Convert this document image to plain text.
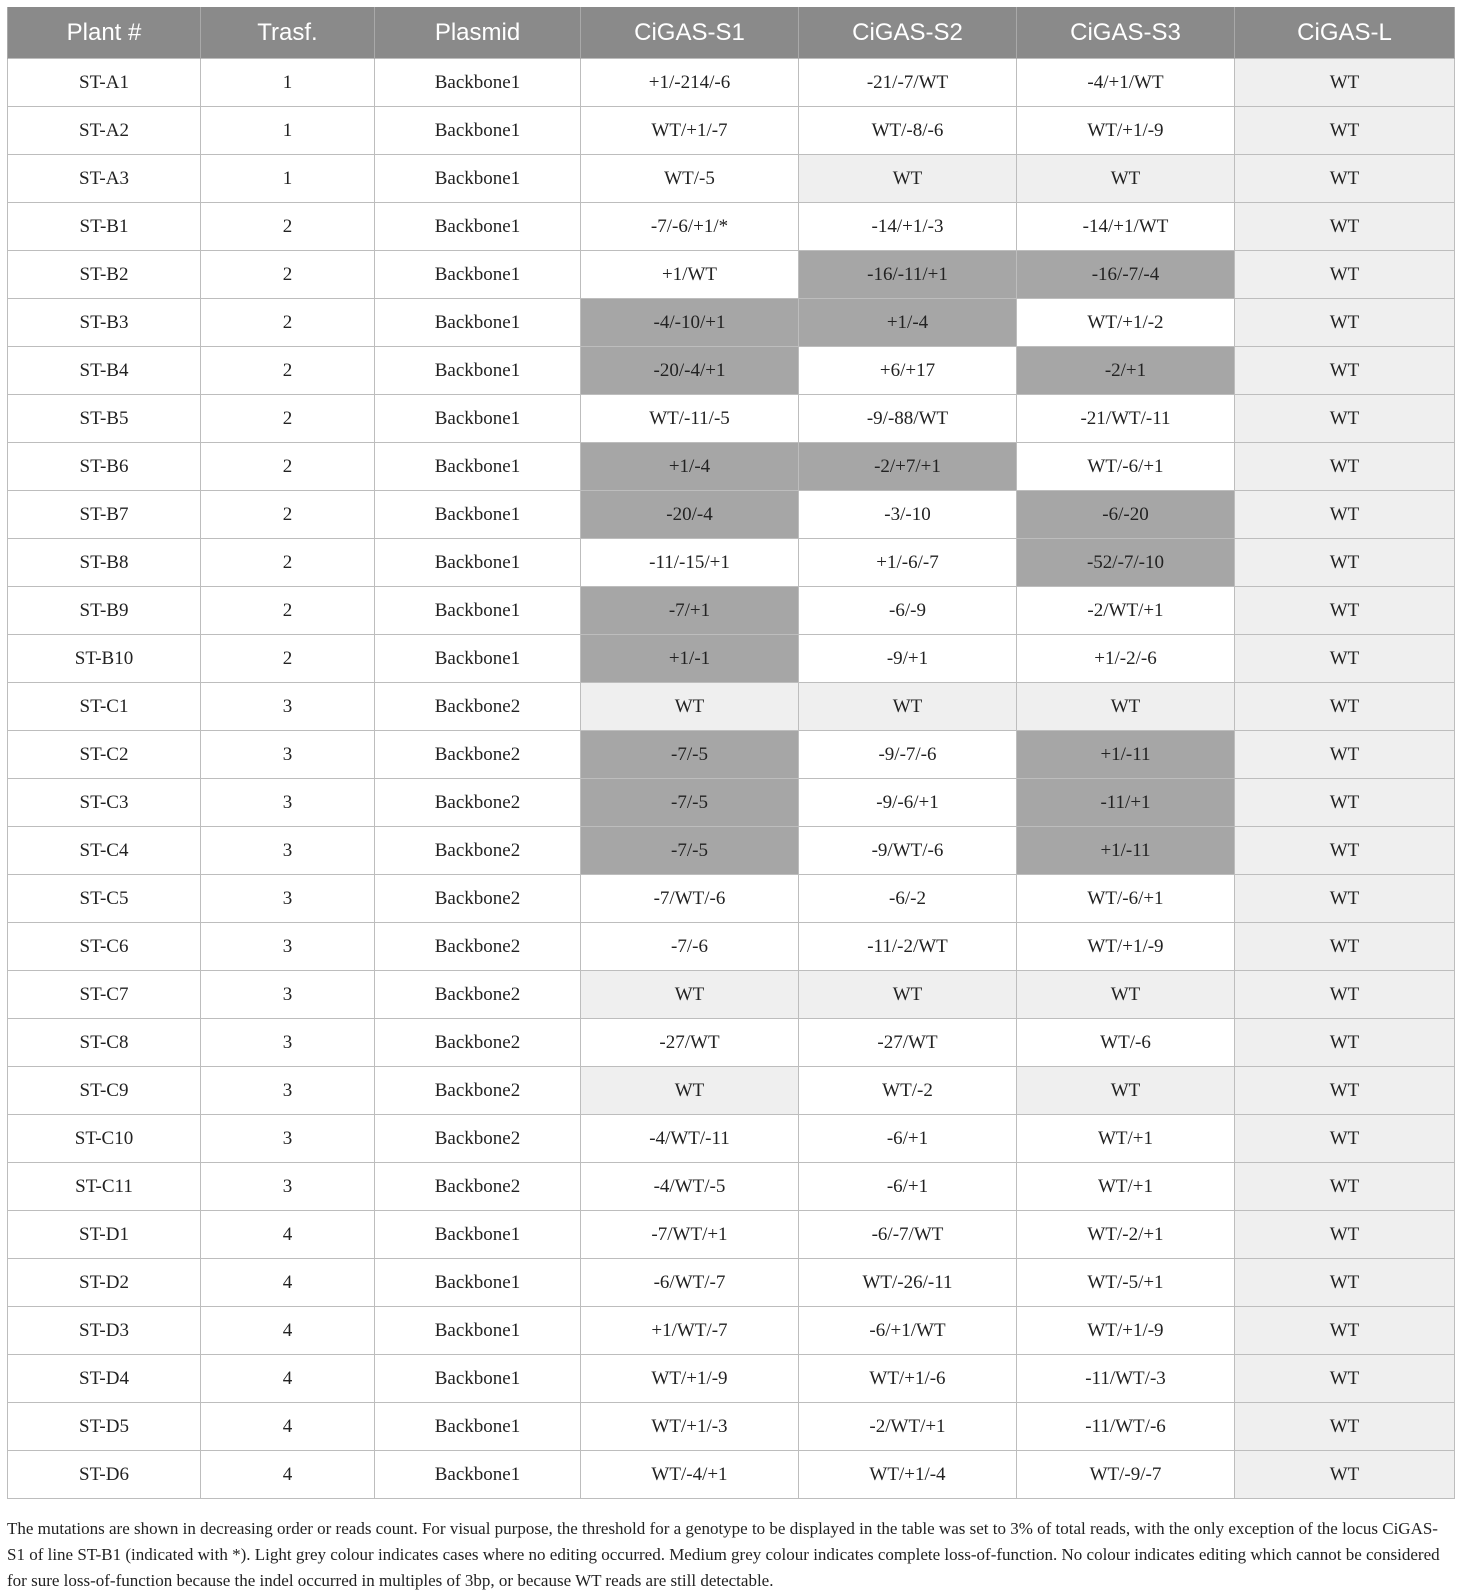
Plant #	Trasf.	Plasmid	CiGAS-S1	CiGAS-S2	CiGAS-S3	CiGAS-L
ST-A1	1	Backbone1	+1/-214/-6	-21/-7/WT	-4/+1/WT	WT
ST-A2	1	Backbone1	WT/+1/-7	WT/-8/-6	WT/+1/-9	WT
ST-A3	1	Backbone1	WT/-5	WT	WT	WT
ST-B1	2	Backbone1	-7/-6/+1/*	-14/+1/-3	-14/+1/WT	WT
ST-B2	2	Backbone1	+1/WT	-16/-11/+1	-16/-7/-4	WT
ST-B3	2	Backbone1	-4/-10/+1	+1/-4	WT/+1/-2	WT
ST-B4	2	Backbone1	-20/-4/+1	+6/+17	-2/+1	WT
ST-B5	2	Backbone1	WT/-11/-5	-9/-88/WT	-21/WT/-11	WT
ST-B6	2	Backbone1	+1/-4	-2/+7/+1	WT/-6/+1	WT
ST-B7	2	Backbone1	-20/-4	-3/-10	-6/-20	WT
ST-B8	2	Backbone1	-11/-15/+1	+1/-6/-7	-52/-7/-10	WT
ST-B9	2	Backbone1	-7/+1	-6/-9	-2/WT/+1	WT
ST-B10	2	Backbone1	+1/-1	-9/+1	+1/-2/-6	WT
ST-C1	3	Backbone2	WT	WT	WT	WT
ST-C2	3	Backbone2	-7/-5	-9/-7/-6	+1/-11	WT
ST-C3	3	Backbone2	-7/-5	-9/-6/+1	-11/+1	WT
ST-C4	3	Backbone2	-7/-5	-9/WT/-6	+1/-11	WT
ST-C5	3	Backbone2	-7/WT/-6	-6/-2	WT/-6/+1	WT
ST-C6	3	Backbone2	-7/-6	-11/-2/WT	WT/+1/-9	WT
ST-C7	3	Backbone2	WT	WT	WT	WT
ST-C8	3	Backbone2	-27/WT	-27/WT	WT/-6	WT
ST-C9	3	Backbone2	WT	WT/-2	WT	WT
ST-C10	3	Backbone2	-4/WT/-11	-6/+1	WT/+1	WT
ST-C11	3	Backbone2	-4/WT/-5	-6/+1	WT/+1	WT
ST-D1	4	Backbone1	-7/WT/+1	-6/-7/WT	WT/-2/+1	WT
ST-D2	4	Backbone1	-6/WT/-7	WT/-26/-11	WT/-5/+1	WT
ST-D3	4	Backbone1	+1/WT/-7	-6/+1/WT	WT/+1/-9	WT
ST-D4	4	Backbone1	WT/+1/-9	WT/+1/-6	-11/WT/-3	WT
ST-D5	4	Backbone1	WT/+1/-3	-2/WT/+1	-11/WT/-6	WT
ST-D6	4	Backbone1	WT/-4/+1	WT/+1/-4	WT/-9/-7	WT

The mutations are shown in decreasing order or reads count. For visual purpose, the threshold for a genotype to be displayed in the table was set to 3% of total reads, with the only exception of the locus CiGAS-S1 of line ST-B1 (indicated with *). Light grey colour indicates cases where no editing occurred. Medium grey colour indicates complete loss-of-function. No colour indicates editing which cannot be considered for sure loss-of-function because the indel occurred in multiples of 3bp, or because WT reads are still detectable.
